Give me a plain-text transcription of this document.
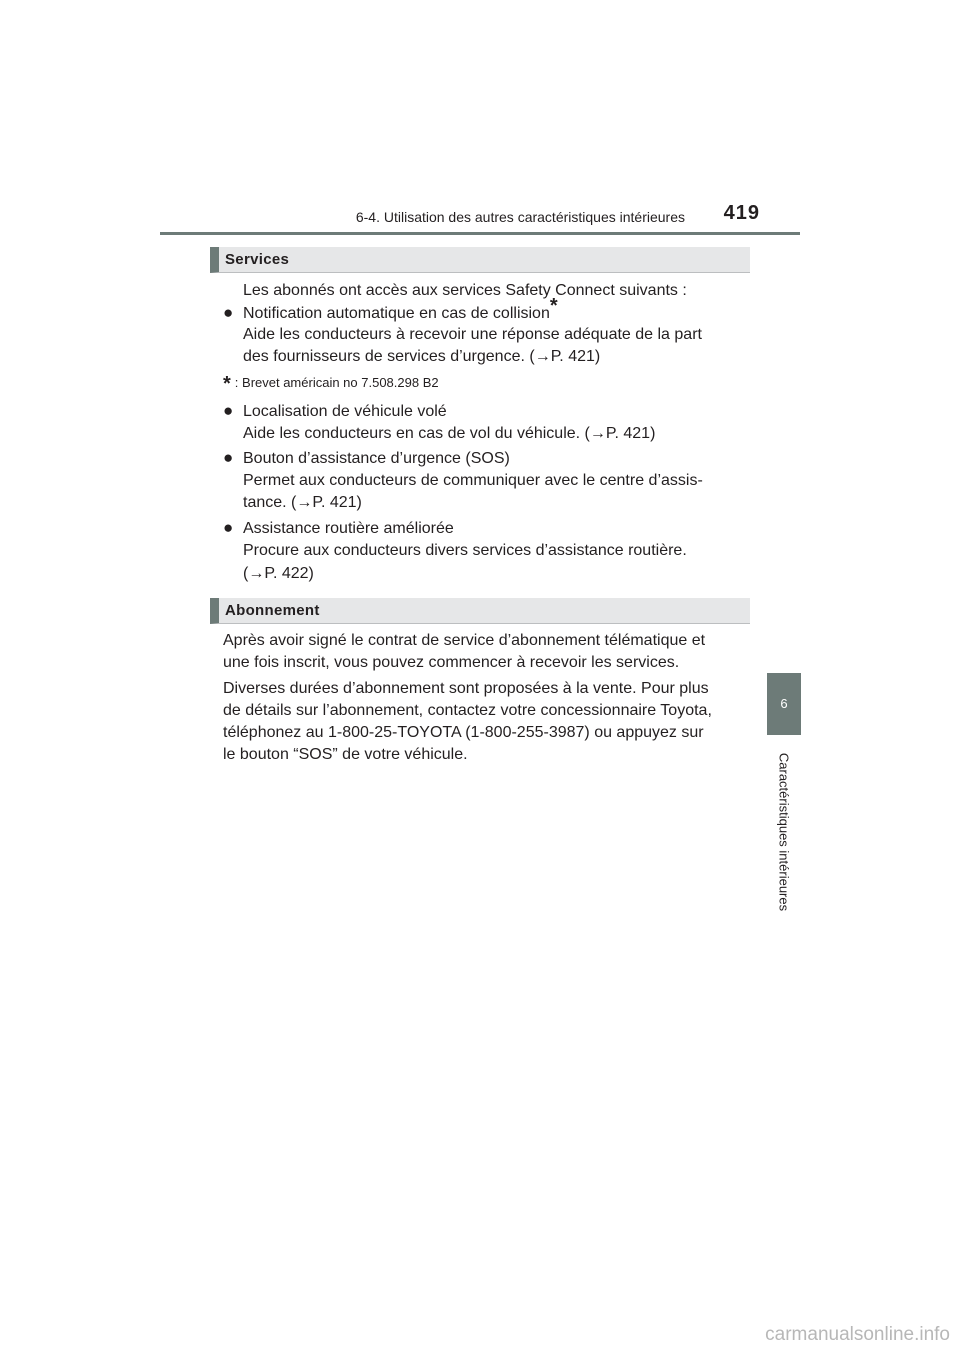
6-4. Utilisation des autres caractéristiques intérieures 419
6
Caractéristiques intérieures
Services
Les abonnés ont accès aux services Safety Connect suivants :
● Notification automatique en cas de collision*
Aide les conducteurs à recevoir une réponse adéquate de la part
des fournisseurs de services d’urgence. (→P. 421)
* : Brevet américain no 7.508.298 B2
● Localisation de véhicule volé
Aide les conducteurs en cas de vol du véhicule. (→P. 421)
● Bouton d’assistance d’urgence (SOS)
Permet aux conducteurs de communiquer avec le centre d’assis-
tance. (→P. 421)
● Assistance routière améliorée
Procure aux conducteurs divers services d’assistance routière.
(→P. 422)
Abonnement
Après avoir signé le contrat de service d’abonnement télématique et
une fois inscrit, vous pouvez commencer à recevoir les services.
Diverses durées d’abonnement sont proposées à la vente. Pour plus
de détails sur l’abonnement, contactez votre concessionnaire Toyota,
téléphonez au 1-800-25-TOYOTA (1-800-255-3987) ou appuyez sur
le bouton “SOS” de votre véhicule.
carmanualsonline.info
